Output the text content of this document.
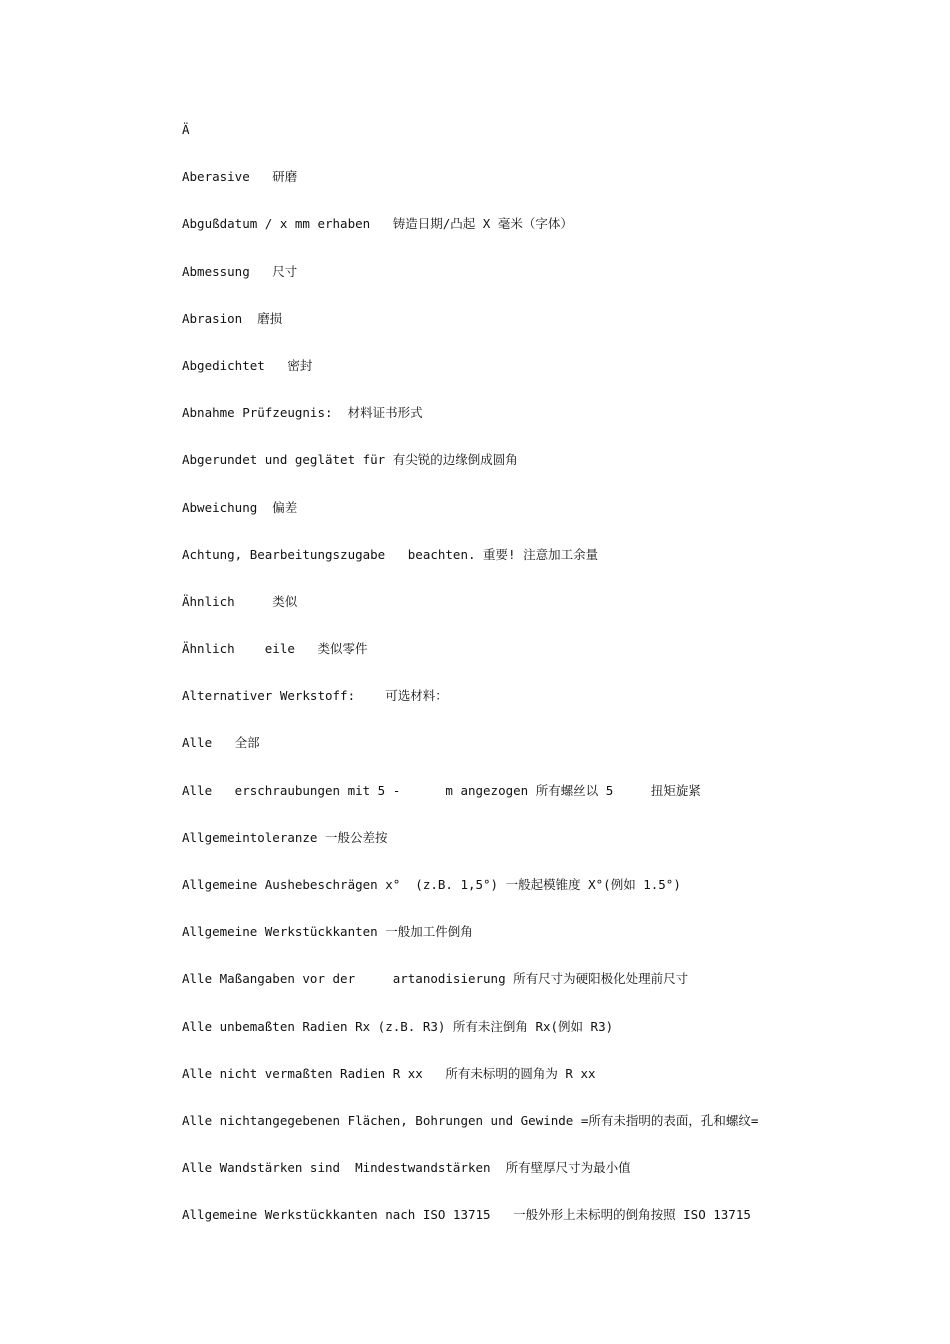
Ä
Aberasive   研磨
Abgußdatum / x mm erhaben   铸造日期/凸起 X 毫米（字体）
Abmessung   尺寸
Abrasion  磨损
Abgedichtet   密封
Abnahme Prüfzeugnis:  材料证书形式
Abgerundet und geglätet für 有尖锐的边缘倒成圆角
Abweichung  偏差
Achtung, Bearbeitungszugabe   beachten. 重要! 注意加工余量
Ähnlich     类似
Ähnlich    eile   类似零件
Alternativer Werkstoff:    可选材料：
Alle   全部
Alle   erschraubungen mit 5 -      m angezogen 所有螺丝以 5     扭矩旋紧
Allgemeintoleranze 一般公差按
Allgemeine Aushebeschrägen x°  (z.B. 1,5°) 一般起模锥度 X°(例如 1.5°)
Allgemeine Werkstückkanten 一般加工件倒角
Alle Maßangaben vor der     artanodisierung 所有尺寸为硬阳极化处理前尺寸
Alle unbemaßten Radien Rx (z.B. R3) 所有未注倒角 Rx(例如 R3)
Alle nicht vermaßten Radien R xx   所有未标明的圆角为 R xx
Alle nichtangegebenen Flächen, Bohrungen und Gewinde =所有未指明的表面，孔和螺纹=
Alle Wandstärken sind  Mindestwandstärken  所有壁厚尺寸为最小值
Allgemeine Werkstückkanten nach ISO 13715   一般外形上未标明的倒角按照 ISO 13715
